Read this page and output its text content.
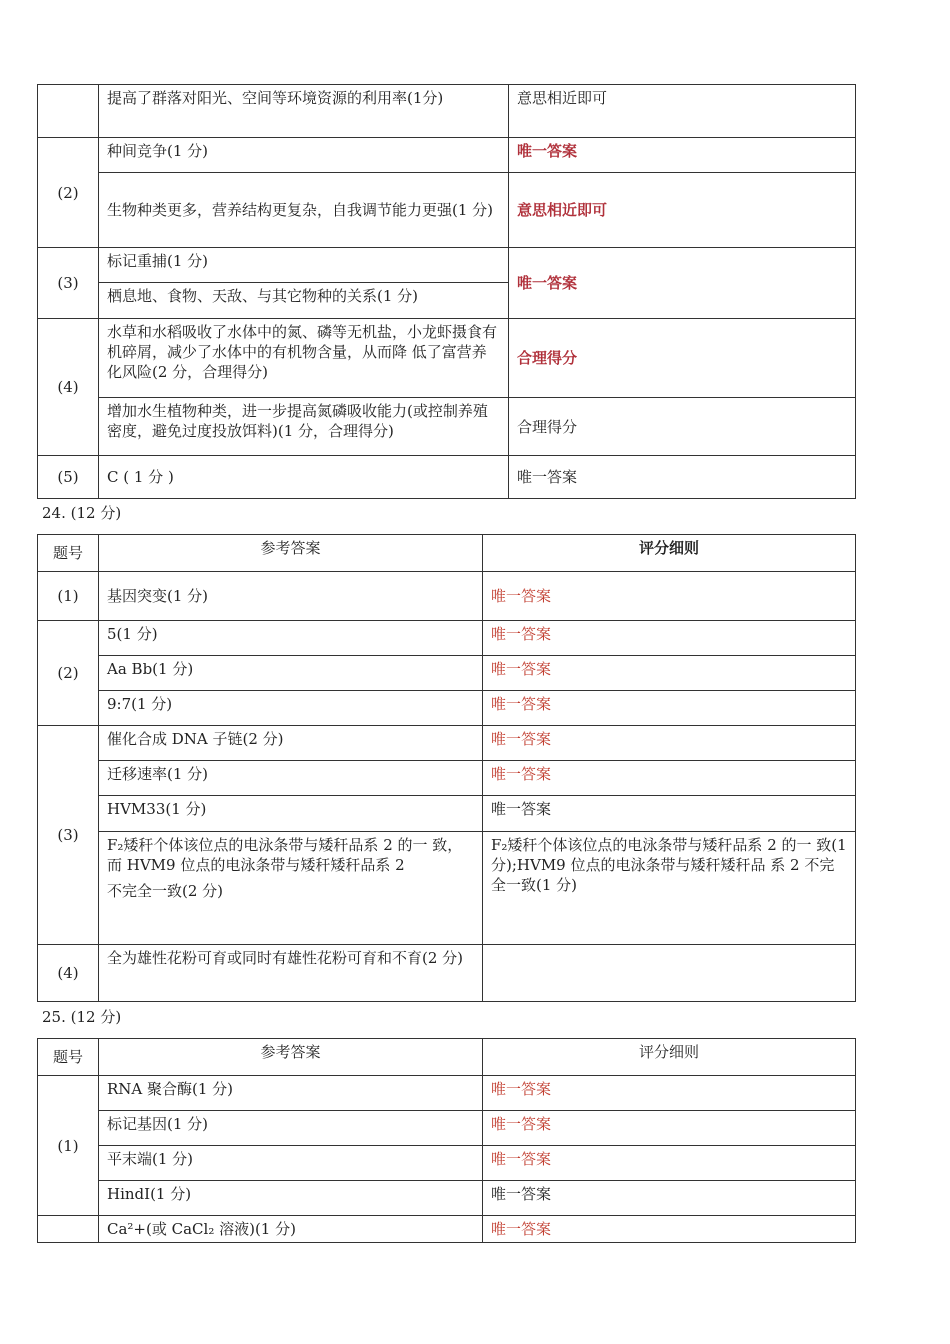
	提高了群落对阳光、空间等环境资源的利用率(1分)	意思相近即可
(2)	种间竞争(1 分)	唯一答案
	生物种类更多，营养结构更复杂，自我调节能力更强(1 分)	意思相近即可
(3)	标记重捕(1 分)	唯一答案
	栖息地、食物、天敌、与其它物种的关系(1 分)	
(4)	水草和水稻吸收了水体中的氮、磷等无机盐，小龙虾摄食有机碎屑，减少了水体中的有机物含量，从而降 低了富营养化风险(2 分，合理得分)	合理得分
	增加水生植物种类，进一步提高氮磷吸收能力(或控制养殖密度，避免过度投放饵料)(1 分，合理得分)	合理得分
(5)	C ( 1 分 )	唯一答案
24. (12 分)
题号	参考答案	评分细则
(1)	基因突变(1 分)	唯一答案
(2)	5(1 分)	唯一答案
	Aa Bb(1 分)	唯一答案
	9:7(1 分)	唯一答案
(3)	催化合成 DNA 子链(2 分)	唯一答案
	迁移速率(1 分)	唯一答案
	HVM33(1 分)	唯一答案

	F₂矮秆个体该位点的电泳条带与矮秆品系 2 的一 致，而 HVM9 位点的电泳条带与矮秆矮秆品系 2
不完全一致(2 分)	F₂矮秆个体该位点的电泳条带与矮秆品系 2 的一 致(1 分);HVM9 位点的电泳条带与矮秆矮秆品 系 2 不完全一致(1 分)
(4)	全为雄性花粉可育或同时有雄性花粉可育和不育(2 分)	
25. (12 分)
题号	参考答案	评分细则
(1)	RNA 聚合酶(1 分)	唯一答案
	标记基因(1 分)	唯一答案
	平末端(1 分)	唯一答案
	HindⅠ(1 分)	唯一答案
	Ca²+(或 CaCl₂ 溶液)(1 分)	唯一答案
